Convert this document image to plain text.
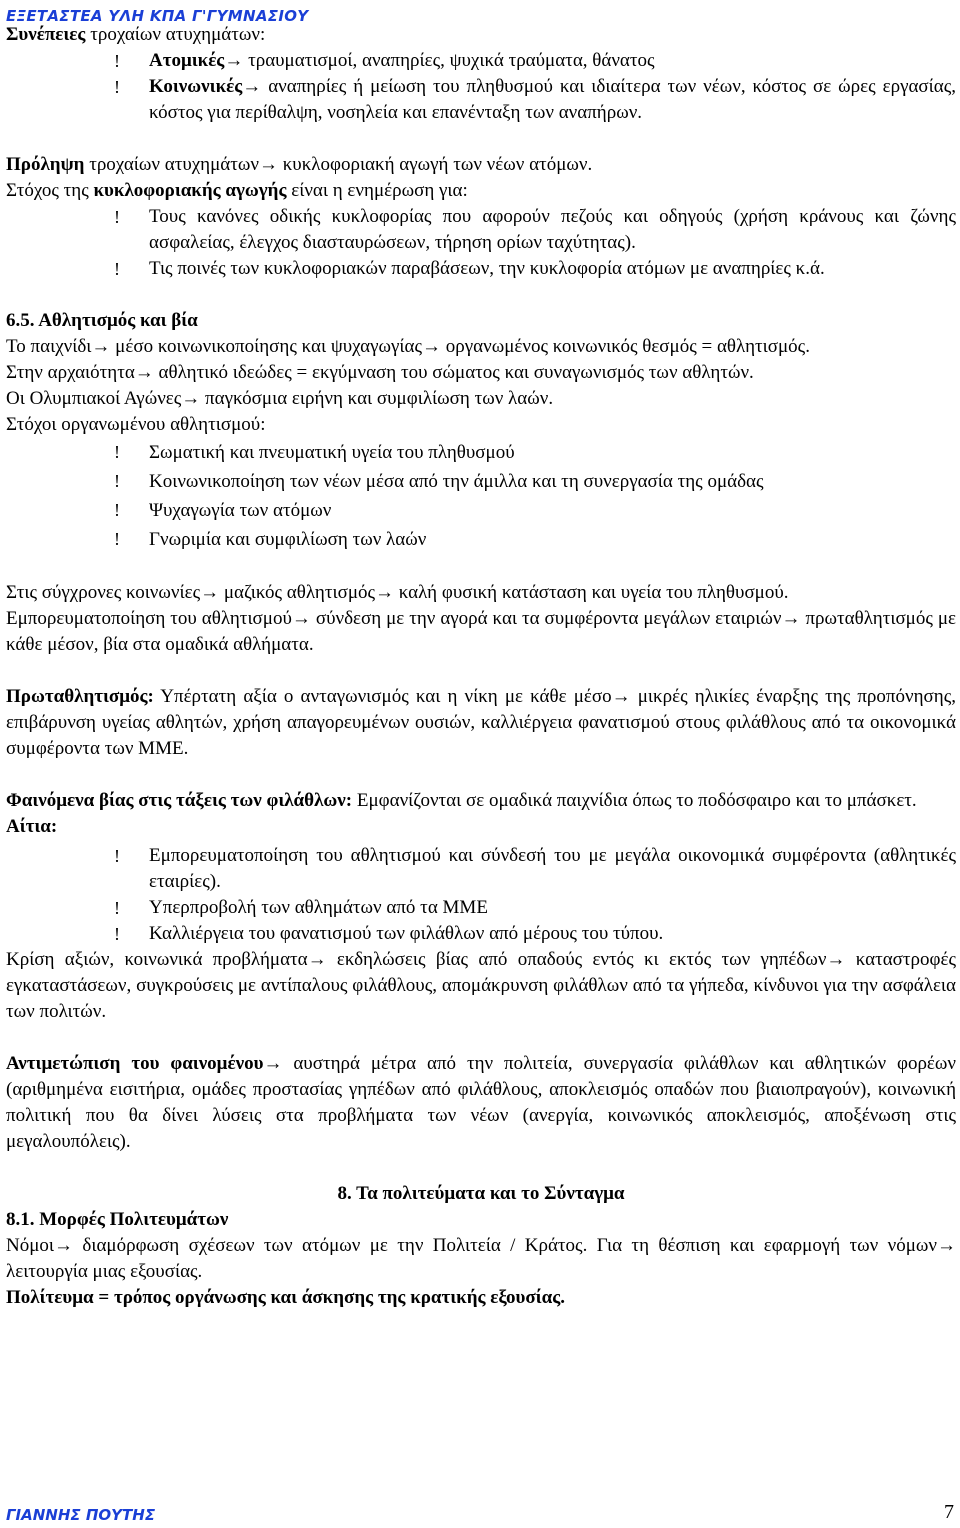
ΕΞΕΤΑΣΤΕΑ ΥΛΗ ΚΠΑ Γ'ΓΥΜΝΑΣΙΟΥ

Συνέπειες τροχαίων ατυχημάτων:

! Ατομικές→ τραυματισμοί, αναπηρίες, ψυχικά τραύματα, θάνατος
! Κοινωνικές→ αναπηρίες ή μείωση του πληθυσμού και ιδιαίτερα των νέων, κόστος σε ώρες εργασίας, κόστος για περίθαλψη, νοσηλεία και επανένταξη των αναπήρων.

Πρόληψη τροχαίων ατυχημάτων→ κυκλοφοριακή αγωγή των νέων ατόμων.

Στόχος της κυκλοφοριακής αγωγής είναι η ενημέρωση για:

! Τους κανόνες οδικής κυκλοφορίας που αφορούν πεζούς και οδηγούς (χρήση κράνους και ζώνης ασφαλείας, έλεγχος διασταυρώσεων, τήρηση ορίων ταχύτητας).
! Τις ποινές των κυκλοφοριακών παραβάσεων, την κυκλοφορία ατόμων με αναπηρίες κ.ά.

6.5. Αθλητισμός και βία

Το παιχνίδι→ μέσο κοινωνικοποίησης και ψυχαγωγίας→ οργανωμένος κοινωνικός θεσμός = αθλητισμός.

Στην αρχαιότητα→ αθλητικό ιδεώδες = εκγύμναση του σώματος και συναγωνισμός των αθλητών.

Οι Ολυμπιακοί Αγώνες→ παγκόσμια ειρήνη και συμφιλίωση των λαών.

Στόχοι οργανωμένου αθλητισμού:

! Σωματική και πνευματική υγεία του πληθυσμού
! Κοινωνικοποίηση των νέων μέσα από την άμιλλα και τη συνεργασία της ομάδας
! Ψυχαγωγία των ατόμων
! Γνωριμία και συμφιλίωση των λαών

Στις σύγχρονες κοινωνίες→ μαζικός αθλητισμός→ καλή φυσική κατάσταση και υγεία του πληθυσμού.

Εμπορευματοποίηση του αθλητισμού→ σύνδεση με την αγορά και τα συμφέροντα μεγάλων εταιριών→ πρωταθλητισμός με κάθε μέσον, βία στα ομαδικά αθλήματα.

Πρωταθλητισμός: Υπέρτατη αξία ο ανταγωνισμός και η νίκη με κάθε μέσο→ μικρές ηλικίες έναρξης της προπόνησης, επιβάρυνση υγείας αθλητών, χρήση απαγορευμένων ουσιών, καλλιέργεια φανατισμού στους φιλάθλους από τα οικονομικά συμφέροντα των ΜΜΕ.

Φαινόμενα βίας στις τάξεις των φιλάθλων: Εμφανίζονται σε ομαδικά παιχνίδια όπως το ποδόσφαιρο και το μπάσκετ.

Αίτια:

! Εμπορευματοποίηση του αθλητισμού και σύνδεσή του με μεγάλα οικονομικά συμφέροντα (αθλητικές εταιρίες).
! Υπερπροβολή των αθλημάτων από τα ΜΜΕ
! Καλλιέργεια του φανατισμού των φιλάθλων από μέρους του τύπου.

Κρίση αξιών, κοινωνικά προβλήματα→ εκδηλώσεις βίας από οπαδούς εντός κι εκτός των γηπέδων→ καταστροφές εγκαταστάσεων, συγκρούσεις με αντίπαλους φιλάθλους, απομάκρυνση φιλάθλων από τα γήπεδα, κίνδυνοι για την ασφάλεια των πολιτών.

Αντιμετώπιση του φαινομένου→ αυστηρά μέτρα από την πολιτεία, συνεργασία φιλάθλων και αθλητικών φορέων (αριθμημένα εισιτήρια, ομάδες προστασίας γηπέδων από φιλάθλους, αποκλεισμός οπαδών που βιαιοπραγούν), κοινωνική πολιτική που θα δίνει λύσεις στα προβλήματα των νέων (ανεργία, κοινωνικός αποκλεισμός, αποξένωση στις μεγαλουπόλεις).

8. Τα πολιτεύματα και το Σύνταγμα

8.1. Μορφές Πολιτευμάτων

Νόμοι→ διαμόρφωση σχέσεων των ατόμων με την Πολιτεία / Κράτος. Για τη θέσπιση και εφαρμογή των νόμων→ λειτουργία μιας εξουσίας.

Πολίτευμα = τρόπος οργάνωσης και άσκησης της κρατικής εξουσίας.

ΓΙΑΝΝΗΣ ΠΟΥΤΗΣ	7
